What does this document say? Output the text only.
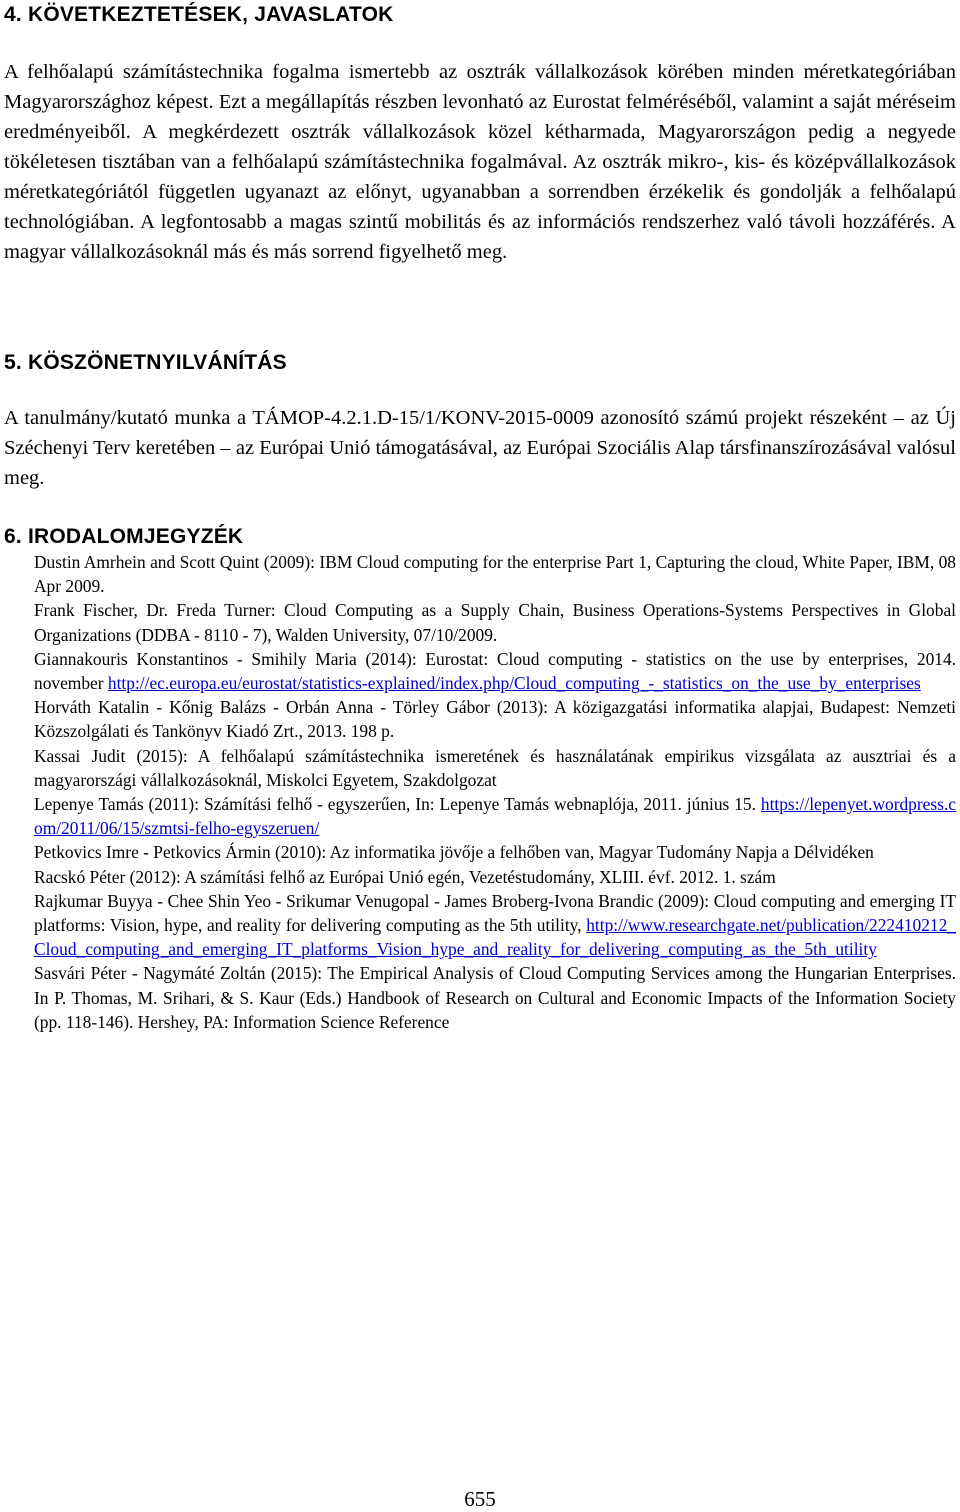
4. KÖVETKEZTETÉSEK, JAVASLATOK

A felhőalapú számítástechnika fogalma ismertebb az osztrák vállalkozások körében minden méretkategóriában Magyarországhoz képest. Ezt a megállapítás részben levonható az Eurostat felméréséből, valamint a saját méréseim eredményeiből. A megkérdezett osztrák vállalkozások közel kétharmada, Magyarországon pedig a negyede tökéletesen tisztában van a felhőalapú számítástechnika fogalmával. Az osztrák mikro-, kis- és középvállalkozások méretkategóriától független ugyanazt az előnyt, ugyanabban a sorrendben érzékelik és gondolják a felhőalapú technológiában. A legfontosabb a magas szintű mobilitás és az információs rendszerhez való távoli hozzáférés. A magyar vállalkozásoknál más és más sorrend figyelhető meg.

5. KÖSZÖNETNYILVÁNÍTÁS

A tanulmány/kutató munka a TÁMOP-4.2.1.D-15/1/KONV-2015-0009 azonosító számú projekt részeként – az Új Széchenyi Terv keretében – az Európai Unió támogatásával, az Európai Szociális Alap társfinanszírozásával valósul meg.

6. IRODALOMJEGYZÉK

Dustin Amrhein and Scott Quint (2009): IBM Cloud computing for the enterprise Part 1, Capturing the cloud, White Paper, IBM, 08 Apr 2009.

Frank Fischer, Dr. Freda Turner: Cloud Computing as a Supply Chain, Business Operations-Systems Perspectives in Global Organizations (DDBA - 8110 - 7), Walden University, 07/10/2009.

Giannakouris Konstantinos - Smihily Maria (2014): Eurostat: Cloud computing - statistics on the use by enterprises, 2014. november http://ec.europa.eu/eurostat/statistics-explained/index.php/Cloud_computing_-_statistics_on_the_use_by_enterprises

Horváth Katalin - Kőnig Balázs - Orbán Anna - Törley Gábor (2013): A közigazgatási informatika alapjai, Budapest: Nemzeti Közszolgálati és Tankönyv Kiadó Zrt., 2013. 198 p.

Kassai Judit (2015): A felhőalapú számítástechnika ismeretének és használatának empirikus vizsgálata az ausztriai és a magyarországi vállalkozásoknál, Miskolci Egyetem, Szakdolgozat

Lepenye Tamás (2011): Számítási felhő - egyszerűen, In: Lepenye Tamás webnaplója, 2011. június 15. https://lepenyet.wordpress.com/2011/06/15/szmtsi-felho-egyszeruen/

Petkovics Imre - Petkovics Ármin (2010): Az informatika jövője a felhőben van, Magyar Tudomány Napja a Délvidéken

Racskó Péter (2012): A számítási felhő az Európai Unió egén, Vezetéstudomány, XLIII. évf. 2012. 1. szám

Rajkumar Buyya - Chee Shin Yeo - Srikumar Venugopal - James Broberg-Ivona Brandic (2009): Cloud computing and emerging IT platforms: Vision, hype, and reality for delivering computing as the 5th utility, http://www.researchgate.net/publication/222410212_Cloud_computing_and_emerging_IT_platforms_Vision_hype_and_reality_for_delivering_computing_as_the_5th_utility

Sasvári Péter - Nagymáté Zoltán (2015): The Empirical Analysis of Cloud Computing Services among the Hungarian Enterprises. In P. Thomas, M. Srihari, & S. Kaur (Eds.) Handbook of Research on Cultural and Economic Impacts of the Information Society (pp. 118-146). Hershey, PA: Information Science Reference

655
